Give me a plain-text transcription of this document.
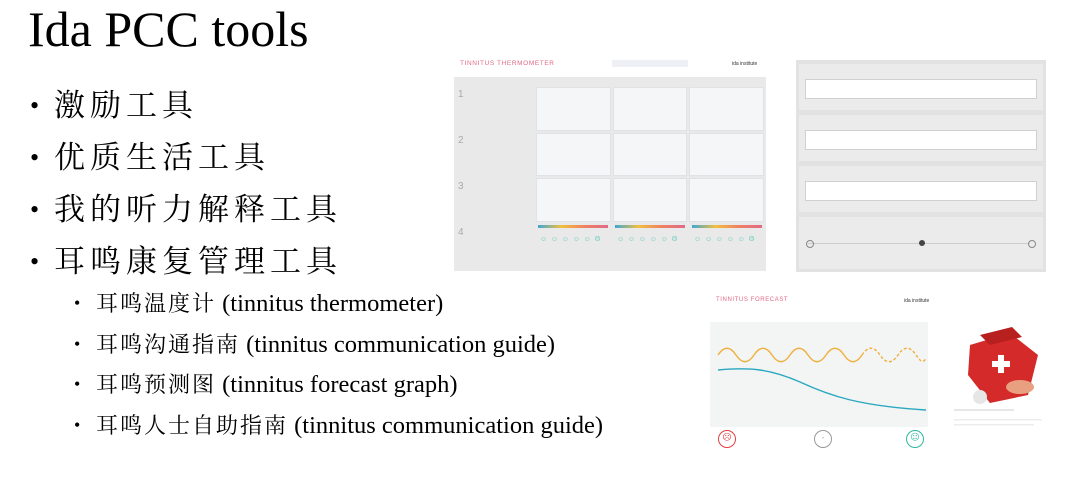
Ida PCC tools
• 激励工具
• 优质生活工具
• 我的听力解释工具
• 耳鸣康复管理工具
• 耳鸣温度计 (tinnitus thermometer)
• 耳鸣沟通指南 (tinnitus communication guide)
• 耳鸣预测图 (tinnitus forecast graph)
• 耳鸣人士自助指南 (tinnitus communication guide)
TINNITUS THERMOMETER	ida institute
1
2
3
4
☺ ☺ ☺ ☺ ☺ ☹ ☺ ☺ ☺ ☺ ☺ ☹ ☺ ☺ ☺ ☺ ☺ ☹
TINNITUS FORECAST	ida institute
☹	˗	☺
